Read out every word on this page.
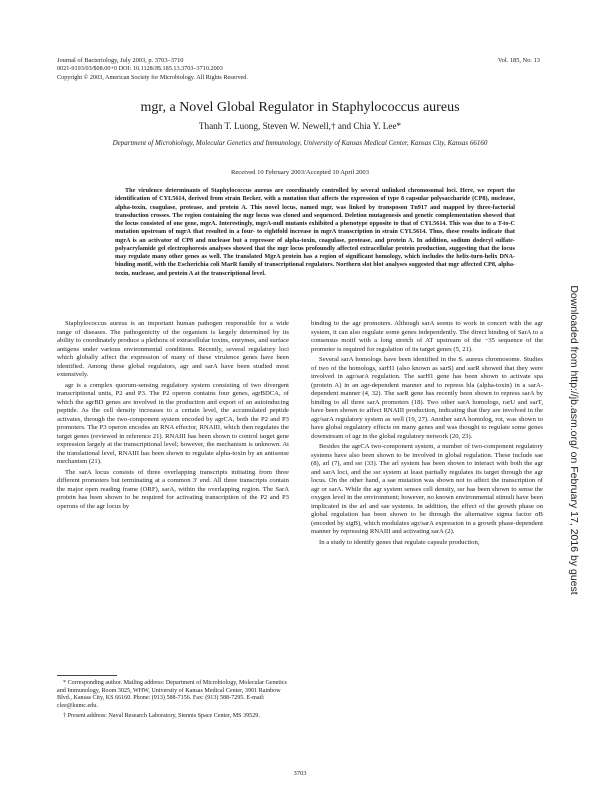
Journal of Bacteriology, July 2003, p. 3703–3710
0021-9193/03/$08.00+0 DOI: 10.1128/JB.185.13.3703–3710.2003
Copyright © 2003, American Society for Microbiology. All Rights Reserved.
Vol. 185, No. 13
mgr, a Novel Global Regulator in Staphylococcus aureus
Thanh T. Luong, Steven W. Newell,† and Chia Y. Lee*
Department of Microbiology, Molecular Genetics and Immunology, University of Kansas Medical Center, Kansas City, Kansas 66160
Received 10 February 2003/Accepted 10 April 2003
The virulence determinants of Staphylococcus aureus are coordinately controlled by several unlinked chromosomal loci. Here, we report the identification of CYL5614, derived from strain Becker, with a mutation that affects the expression of type 8 capsular polysaccharide (CP8), nuclease, alpha-toxin, coagulase, protease, and protein A. This novel locus, named mgr, was linked by transposon Tn917 and mapped by three-factorial transduction crosses. The region containing the mgr locus was cloned and sequenced. Deletion mutagenesis and genetic complementation showed that the locus consisted of one gene, mgrA. Interestingly, mgrA-null mutants exhibited a phenotype opposite to that of CYL5614. This was due to a T-to-C mutation upstream of mgrA that resulted in a four- to eightfold increase in mgrA transcription in strain CYL5614. Thus, these results indicate that mgrA is an activator of CP8 and nuclease but a repressor of alpha-toxin, coagulase, protease, and protein A. In addition, sodium dodecyl sulfate-polyacrylamide gel electrophoresis analyses showed that the mgr locus profoundly affected extracellular protein production, suggesting that the locus may regulate many other genes as well. The translated MgrA protein has a region of significant homology, which includes the helix-turn-helix DNA-binding motif, with the Escherichia coli MarR family of transcriptional regulators. Northern slot blot analyses suggested that mgr affected CP8, alpha-toxin, nuclease, and protein A at the transcriptional level.

Staphylococcus aureus is an important human pathogen responsible for a wide range of diseases. The pathogenicity of the organism is largely determined by its ability to coordinately produce a plethora of extracellular toxins, enzymes, and surface antigens under various environmental conditions. Recently, several regulatory loci which globally affect the expression of many of these virulence genes have been identified. Among these global regulators, agr and sarA have been studied most extensively.

agr is a complex quorum-sensing regulatory system consisting of two divergent transcriptional units, P2 and P3. The P2 operon contains four genes, agrBDCA, of which the agrBD genes are involved in the production and export of an autoinducing peptide. As the cell density increases to a certain level, the accumulated peptide activates, through the two-component system encoded by agrCA, both the P2 and P3 promoters. The P3 operon encodes an RNA effector, RNAIII, which then regulates the target genes (reviewed in reference 21). RNAIII has been shown to control target gene expression largely at the transcriptional level; however, the mechanism is unknown. At the translational level, RNAIII has been shown to regulate alpha-toxin by an antisense mechanism (21).

The sarA locus consists of three overlapping transcripts initiating from three different promoters but terminating at a common 3′ end. All three transcripts contain the major open reading frame (ORF), sarA, within the overlapping region. The SarA protein has been shown to be required for activating transcription of the P2 and P3 operons of the agr locus by

binding to the agr promoters. Although sarA seems to work in concert with the agr system, it can also regulate some genes independently. The direct binding of SarA to a consensus motif with a long stretch of AT upstream of the −35 sequence of the promoter is required for regulation of its target genes (5, 21).

Several sarA homologs have been identified in the S. aureus chromosome. Studies of two of the homologs, sarH1 (also known as sarS) and sarR showed that they were involved in agr/sarA regulation. The sarH1 gene has been shown to activate spa (protein A) in an agr-dependent manner and to repress hla (alpha-toxin) in a sarA-dependent manner (4, 32). The sarR gene has recently been shown to repress sarA by binding to all three sarA promoters (18). Two other sarA homologs, rarU and sarT, have been shown to affect RNAIII production, indicating that they are involved in the agr/sarA regulatory system as well (19, 27). Another sarA homolog, rot, was shown to have global regulatory effects on many genes and was thought to regulate some genes downstream of agr in the global regulatory network (20, 23).

Besides the agrCA two-component system, a number of two-component regulatory systems have also been shown to be involved in global regulation. These include sae (8), arl (7), and ssr (33). The arl system has been shown to interact with both the agr and sarA loci, and the ssr system at least partially regulates its target through the agr locus. On the other hand, a sae mutation was shown not to affect the transcription of agr or sarA. While the agr system senses cell density, ssr has been shown to sense the oxygen level in the environment; however, no known environmental stimuli have been implicated in the arl and sae systems. In addition, the effect of the growth phase on global regulation has been shown to be through the alternative sigma factor σB (encoded by sigB), which modulates agr/sarA expression in a growth phase-dependent manner by repressing RNAIII and activating sarA (2).

In a study to identify genes that regulate capsule production,

* Corresponding author. Mailing address: Department of Microbiology, Molecular Genetics and Immunology, Room 3025, WHW, University of Kansas Medical Center, 3901 Rainbow Blvd., Kansas City, KS 66160. Phone: (913) 588-7156. Fax: (913) 588-7295. E-mail: clee@kumc.edu.

† Present address: Naval Research Laboratory, Stennis Space Center, MS 39529.

3703
Downloaded from http://jb.asm.org/ on February 17, 2016 by guest
